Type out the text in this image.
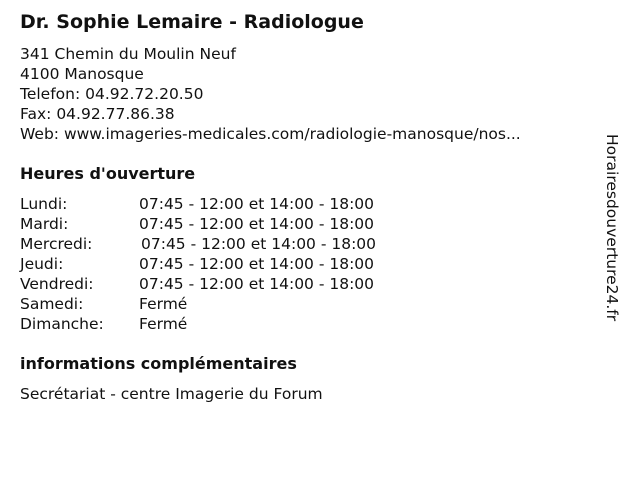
Dr. Sophie Lemaire - Radiologue
341 Chemin du Moulin Neuf
4100 Manosque
Telefon: 04.92.72.20.50
Fax: 04.92.77.86.38
Web: www.imageries-medicales.com/radiologie-manosque/nos...
Heures d'ouverture
Lundi:	07:45 - 12:00 et 14:00 - 18:00
Mardi:	07:45 - 12:00 et 14:00 - 18:00
Mercredi:	07:45 - 12:00 et 14:00 - 18:00
Jeudi:	07:45 - 12:00 et 14:00 - 18:00
Vendredi:	07:45 - 12:00 et 14:00 - 18:00
Samedi:	Fermé
Dimanche: Fermé
informations complémentaires
Secrétariat - centre Imagerie du Forum
Horairesdouverture24.fr
